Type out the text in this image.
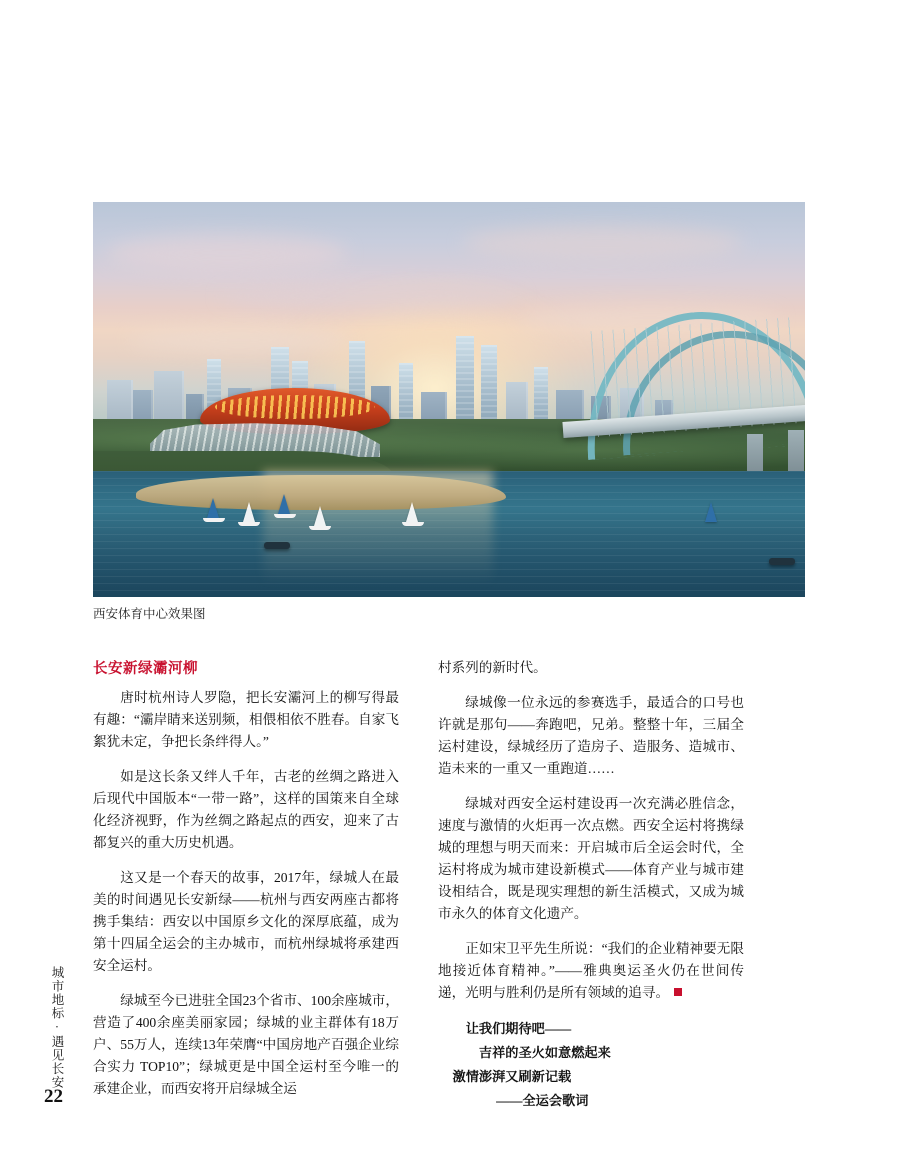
西安体育中心效果图
长安新绿灞河柳

唐时杭州诗人罗隐，把长安灞河上的柳写得最有趣：“灞岸睛来送别频，相偎相依不胜春。自家飞絮犹未定，争把长条绊得人。”

如是这长条又绊人千年，古老的丝绸之路进入后现代中国版本“一带一路”，这样的国策来自全球化经济视野，作为丝绸之路起点的西安，迎来了古都复兴的重大历史机遇。

这又是一个春天的故事，2017年，绿城人在最美的时间遇见长安新绿——杭州与西安两座古都将携手集结：西安以中国原乡文化的深厚底蕴，成为第十四届全运会的主办城市，而杭州绿城将承建西安全运村。

绿城至今已进驻全国23个省市、100余座城市，营造了400余座美丽家园；绿城的业主群体有18万户、55万人，连续13年荣膺“中国房地产百强企业综合实力 TOP10”；绿城更是中国全运村至今唯一的承建企业，而西安将开启绿城全运

村系列的新时代。

绿城像一位永远的参赛选手，最适合的口号也许就是那句——奔跑吧，兄弟。整整十年，三届全运村建设，绿城经历了造房子、造服务、造城市、造未来的一重又一重跑道……

绿城对西安全运村建设再一次充满必胜信念，速度与激情的火炬再一次点燃。西安全运村将携绿城的理想与明天而来：开启城市后全运会时代，全运村将成为城市建设新模式——体育产业与城市建设相结合，既是现实理想的新生活模式，又成为城市永久的体育文化遗产。

正如宋卫平先生所说：“我们的企业精神要无限地接近体育精神。”——雅典奥运圣火仍在世间传递，光明与胜利仍是所有领域的追寻。

让我们期待吧——
吉祥的圣火如意燃起来
激情澎湃又刷新记载
——全运会歌词
城市地标·遇见长安
22
